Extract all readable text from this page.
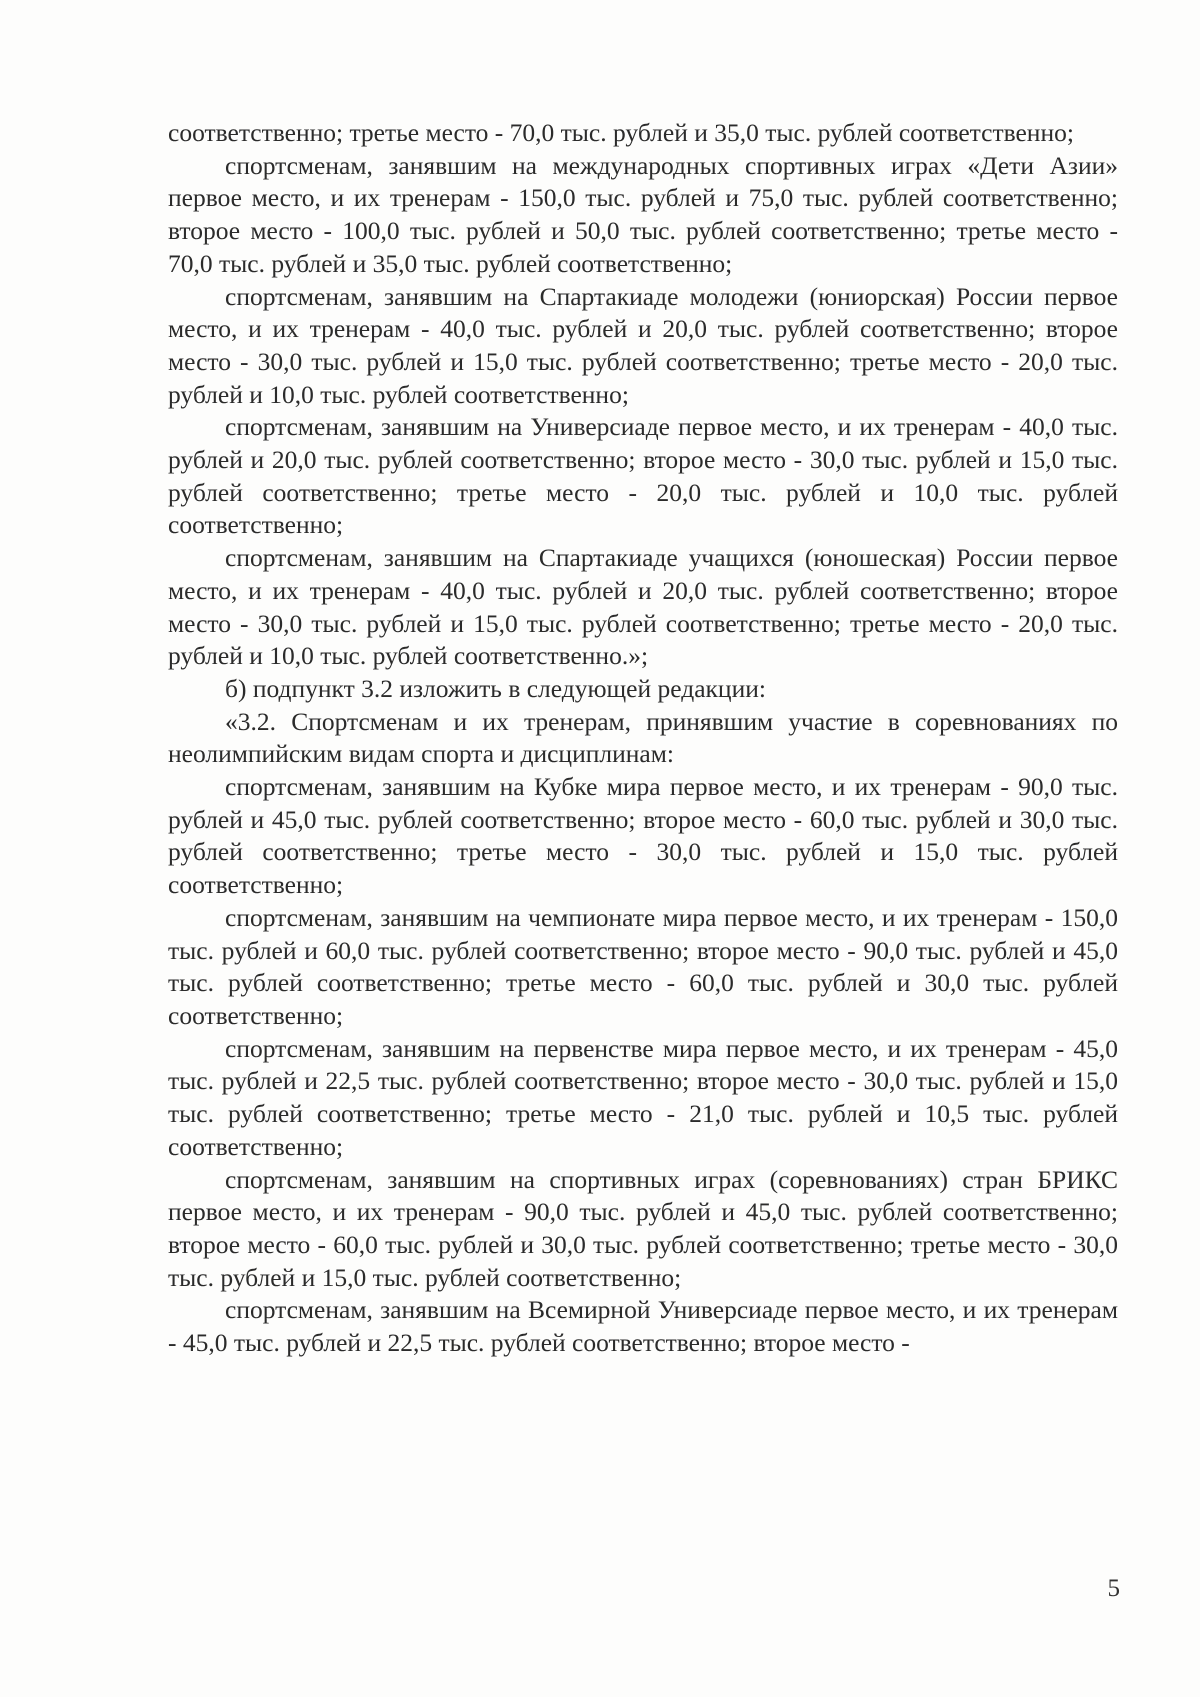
соответственно; третье место - 70,0 тыс. рублей и 35,0 тыс. рублей соответственно;

спортсменам, занявшим на международных спортивных играх «Дети Азии» первое место, и их тренерам - 150,0 тыс. рублей и 75,0 тыс. рублей соответственно; второе место - 100,0 тыс. рублей и 50,0 тыс. рублей соответственно; третье место - 70,0 тыс. рублей и 35,0 тыс. рублей соответственно;

спортсменам, занявшим на Спартакиаде молодежи (юниорская) России первое место, и их тренерам - 40,0 тыс. рублей и 20,0 тыс. рублей соответственно; второе место - 30,0 тыс. рублей и 15,0 тыс. рублей соответственно; третье место - 20,0 тыс. рублей и 10,0 тыс. рублей соответственно;

спортсменам, занявшим на Универсиаде первое место, и их тренерам - 40,0 тыс. рублей и 20,0 тыс. рублей соответственно; второе место - 30,0 тыс. рублей и 15,0 тыс. рублей соответственно; третье место - 20,0 тыс. рублей и 10,0 тыс. рублей соответственно;

спортсменам, занявшим на Спартакиаде учащихся (юношеская) России первое место, и их тренерам - 40,0 тыс. рублей и 20,0 тыс. рублей соответственно; второе место - 30,0 тыс. рублей и 15,0 тыс. рублей соответственно; третье место - 20,0 тыс. рублей и 10,0 тыс. рублей соответственно.»;

б) подпункт 3.2 изложить в следующей редакции:

«3.2. Спортсменам и их тренерам, принявшим участие в соревнованиях по неолимпийским видам спорта и дисциплинам:

спортсменам, занявшим на Кубке мира первое место, и их тренерам - 90,0 тыс. рублей и 45,0 тыс. рублей соответственно; второе место - 60,0 тыс. рублей и 30,0 тыс. рублей соответственно; третье место - 30,0 тыс. рублей и 15,0 тыс. рублей соответственно;

спортсменам, занявшим на чемпионате мира первое место, и их тренерам - 150,0 тыс. рублей и 60,0 тыс. рублей соответственно; второе место - 90,0 тыс. рублей и 45,0 тыс. рублей соответственно; третье место - 60,0 тыс. рублей и 30,0 тыс. рублей соответственно;

спортсменам, занявшим на первенстве мира первое место, и их тренерам - 45,0 тыс. рублей и 22,5 тыс. рублей соответственно; второе место - 30,0 тыс. рублей и 15,0 тыс. рублей соответственно; третье место - 21,0 тыс. рублей и 10,5 тыс. рублей соответственно;

спортсменам, занявшим на спортивных играх (соревнованиях) стран БРИКС первое место, и их тренерам - 90,0 тыс. рублей и 45,0 тыс. рублей соответственно; второе место - 60,0 тыс. рублей и 30,0 тыс. рублей соответственно; третье место - 30,0 тыс. рублей и 15,0 тыс. рублей соответственно;

спортсменам, занявшим на Всемирной Универсиаде первое место, и их тренерам - 45,0 тыс. рублей и 22,5 тыс. рублей соответственно; второе место -

5
